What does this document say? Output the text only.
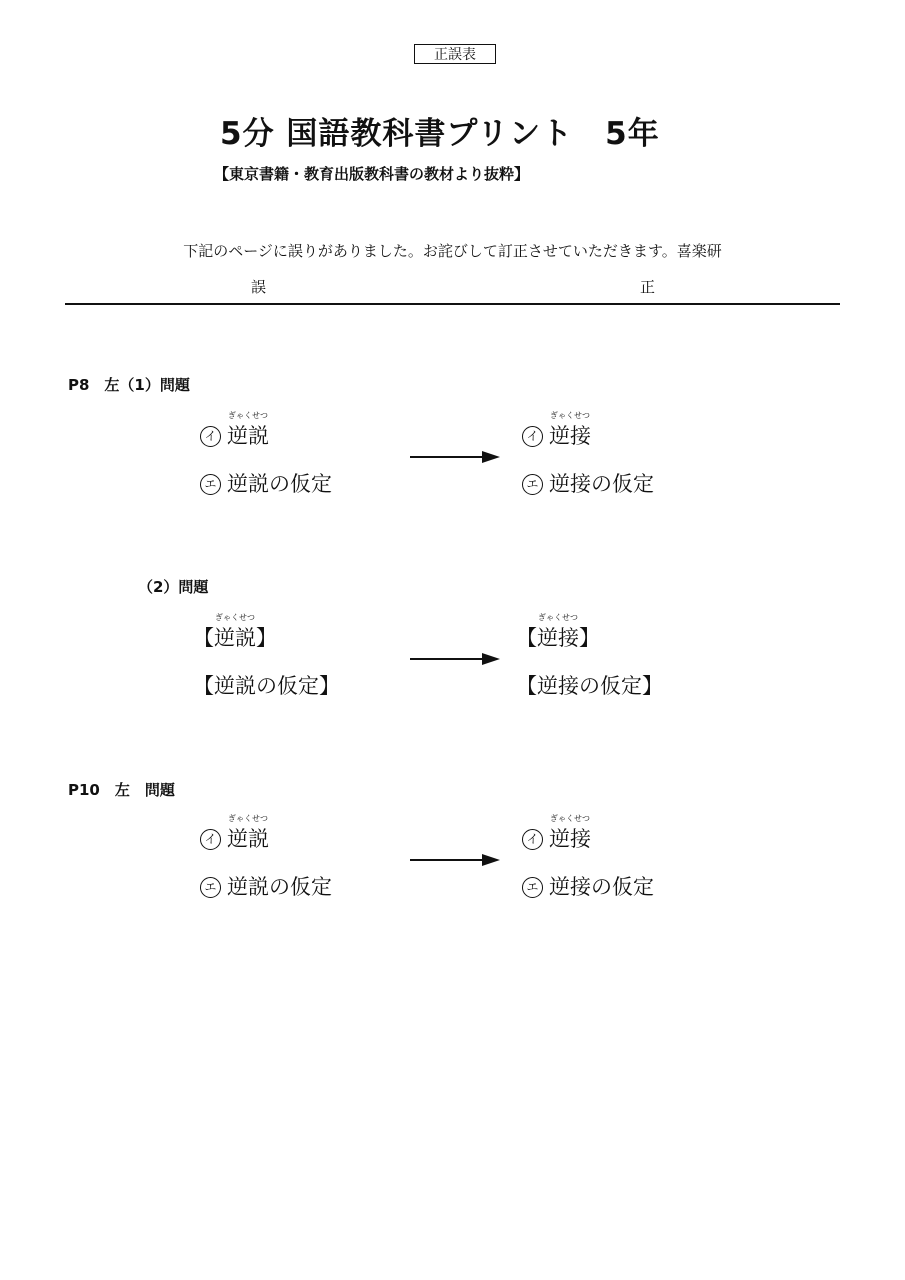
正誤表
5分 国語教科書プリント　5年
【東京書籍・教育出版教科書の教材より抜粋】
下記のページに誤りがありました。お詫びして訂正させていただきます。喜楽研
誤	正
P8　左（1）問題
イ
ぎゃくせつ
逆説
エ 逆説の仮定
イ
ぎゃくせつ
逆接
エ 逆接の仮定
（2）問題
【
ぎゃくせつ
逆説】
【逆説の仮定】
【
ぎゃくせつ
逆接】
【逆接の仮定】
P10　左　問題
イ
ぎゃくせつ
逆説
エ 逆説の仮定
イ
ぎゃくせつ
逆接
エ 逆接の仮定
